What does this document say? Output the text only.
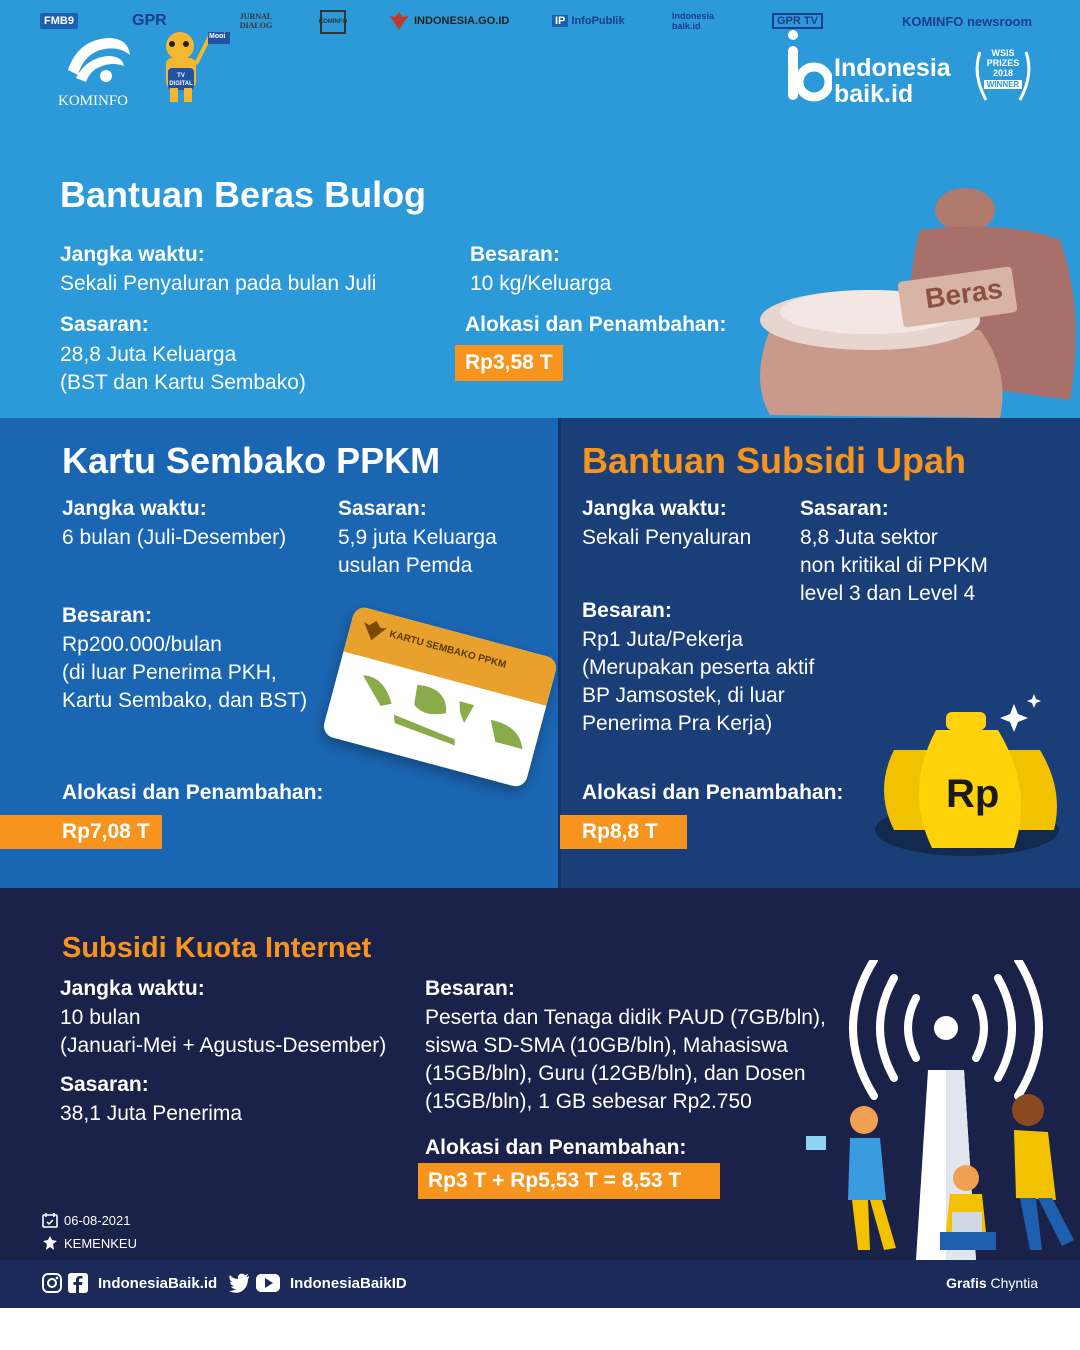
KOMINFO
Mooi
TV DIGITAL
Indonesia
baik.id
WSIS
PRIZES
2018
WINNER
Bantuan Beras Bulog
Jangka waktu:
Sekali Penyaluran pada bulan Juli
Sasaran:
28,8 Juta Keluarga
(BST dan Kartu Sembako)
Besaran:
10 kg/Keluarga
Alokasi dan Penambahan:
Rp3,58 T
Beras
Kartu Sembako PPKM
Jangka waktu:
6 bulan (Juli-Desember)
Sasaran:
5,9 juta Keluarga
usulan Pemda
Besaran:
Rp200.000/bulan
(di luar Penerima PKH,
Kartu Sembako, dan BST)
Alokasi dan Penambahan:
Rp7,08 T
KARTU SEMBAKO PPKM
Bantuan Subsidi Upah
Jangka waktu:
Sekali Penyaluran
Sasaran:
8,8 Juta sektor
non kritikal di PPKM
level 3 dan Level 4
Besaran:
Rp1 Juta/Pekerja
(Merupakan peserta aktif
BP Jamsostek, di luar
Penerima Pra Kerja)
Alokasi dan Penambahan:
Rp8,8 T
Rp
Subsidi Kuota Internet
Jangka waktu:
10 bulan
(Januari-Mei + Agustus-Desember)
Sasaran:
38,1 Juta Penerima
Besaran:
Peserta dan Tenaga didik PAUD (7GB/bln),
siswa SD-SMA (10GB/bln), Mahasiswa
(15GB/bln), Guru (12GB/bln), dan Dosen
(15GB/bln), 1 GB sebesar Rp2.750
Alokasi dan Penambahan:
Rp3 T + Rp5,53 T = 8,53 T
06-08-2021
KEMENKEU
IndonesiaBaik.id	IndonesiaBaikID	Grafis Chyntia
FMB9	GPR	JURNAL DIALOG	KOMINFO	INDONESIA.GO.ID	IP InfoPublik	Indonesia baik.id	GPR TV	KOMINFO newsroom
